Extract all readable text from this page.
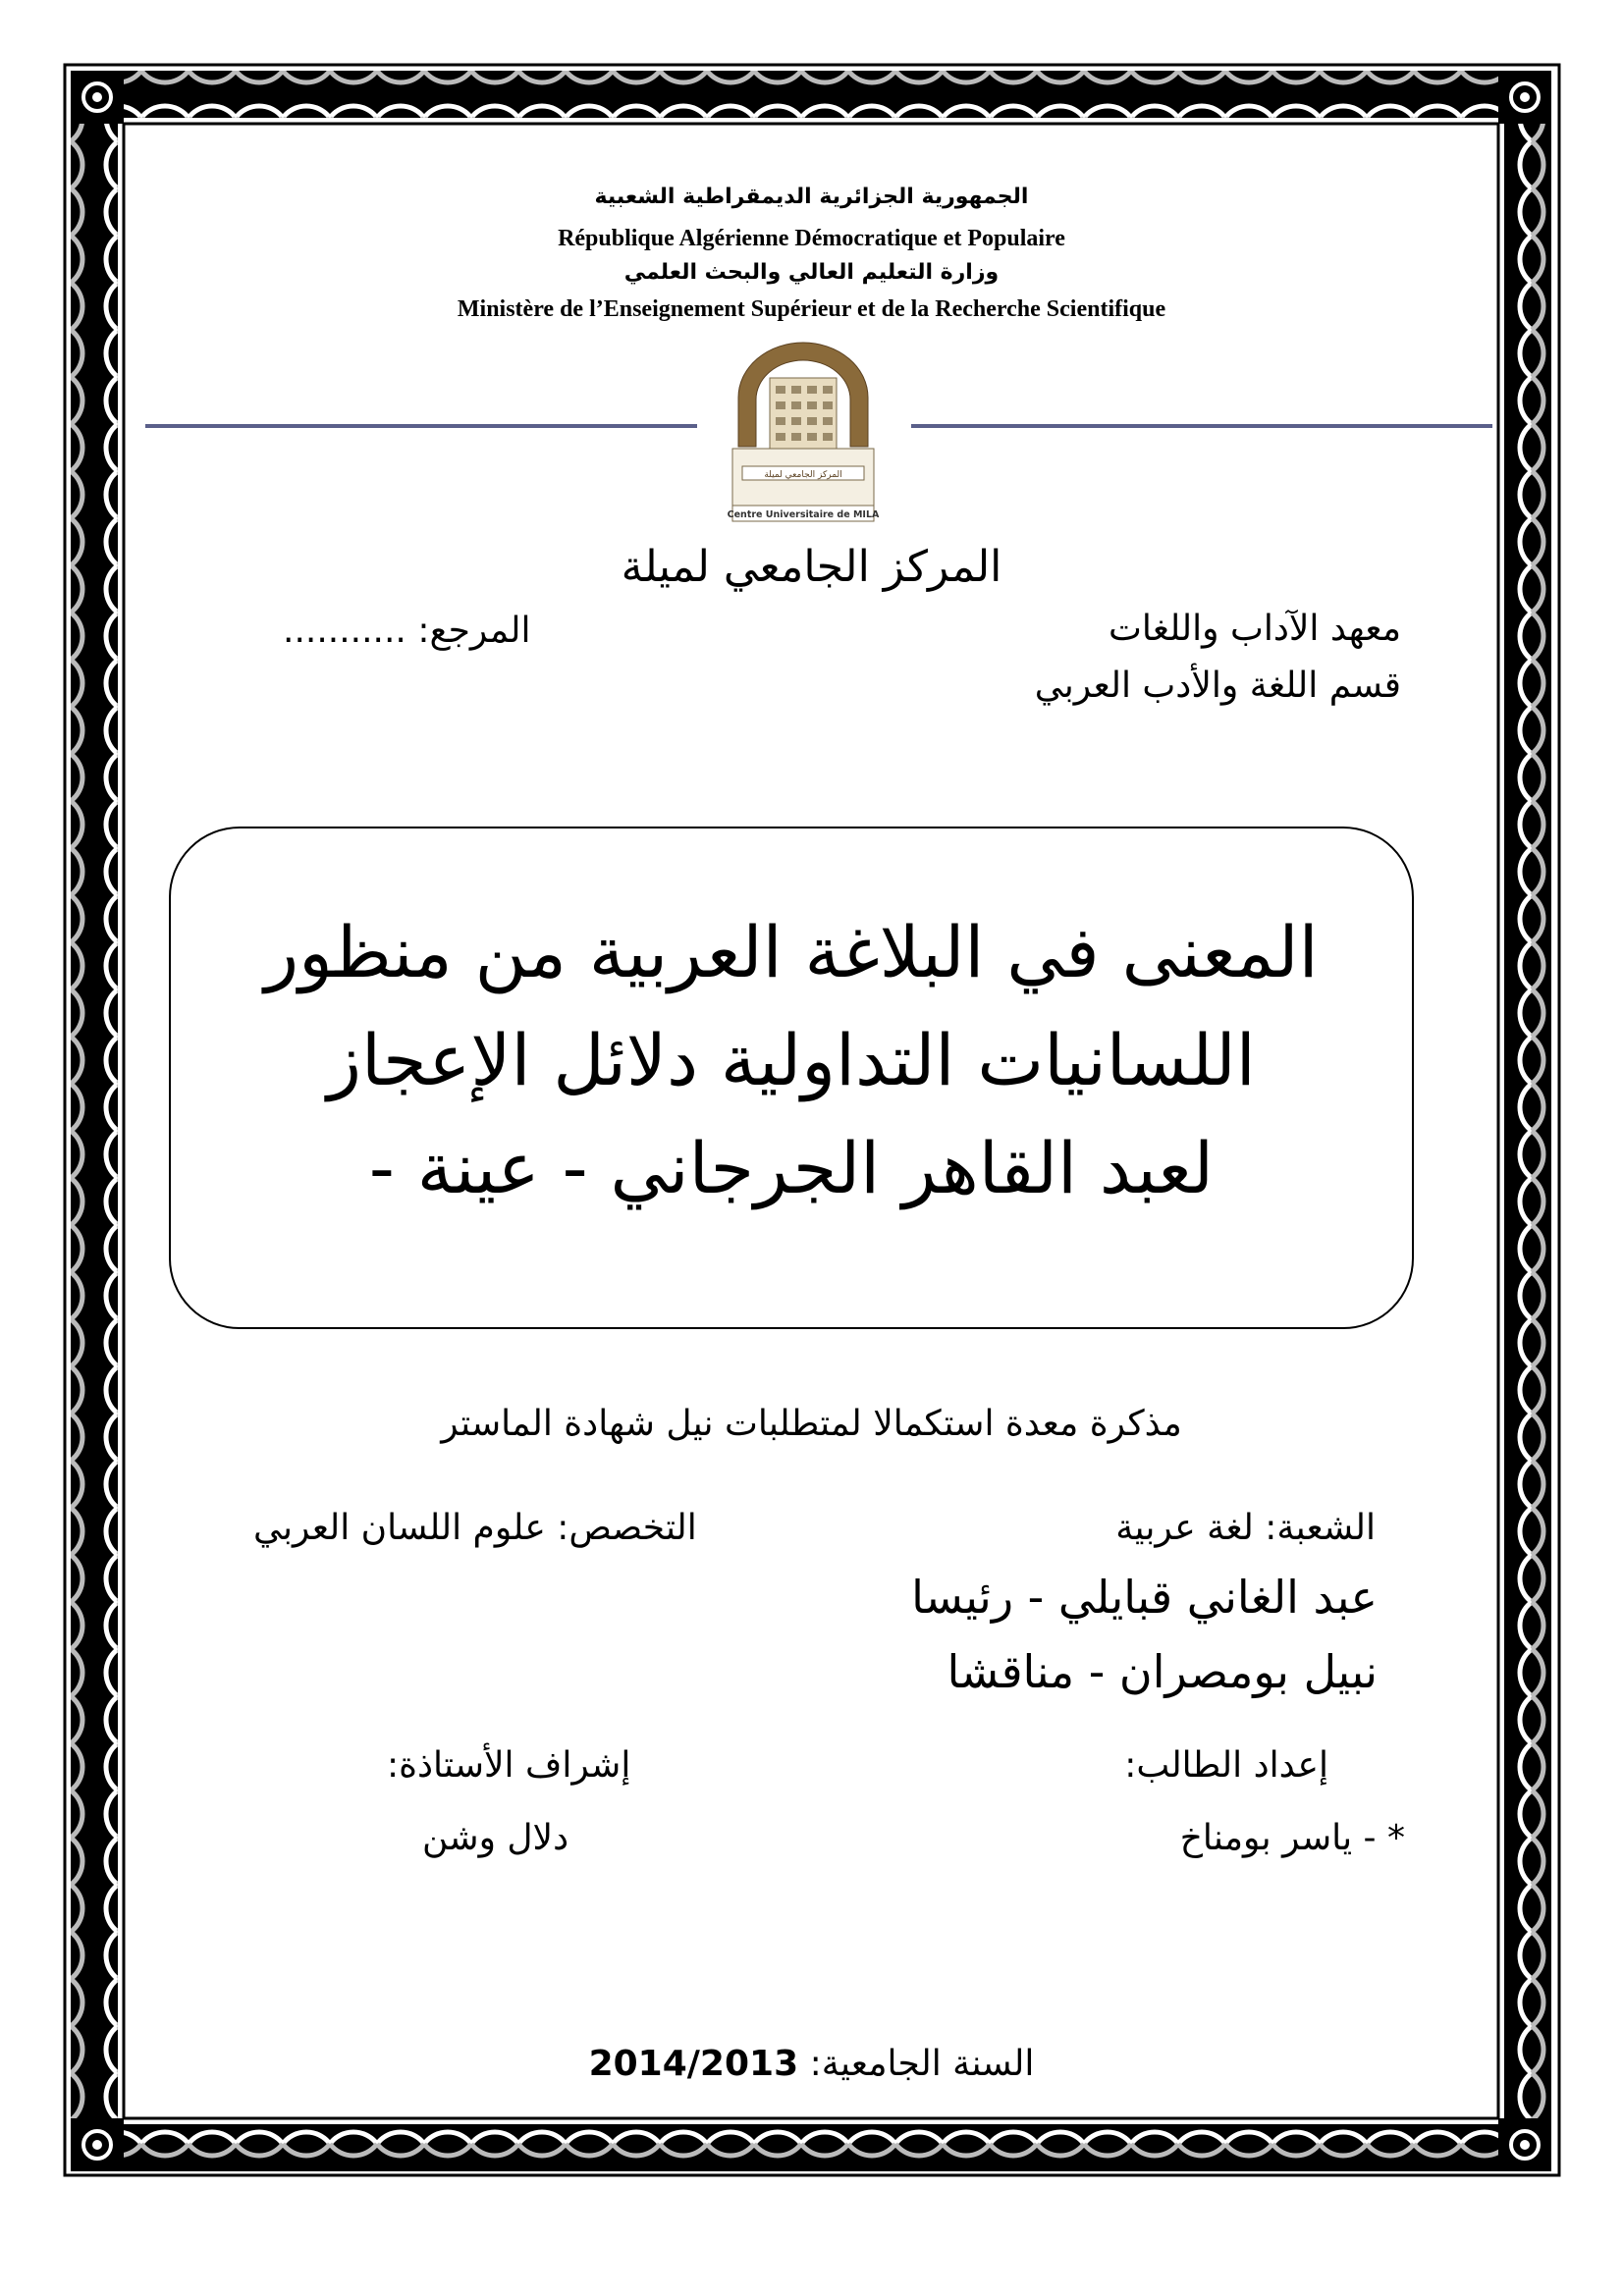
الجمهورية الجزائرية الديمقراطية الشعبية
République Algérienne Démocratique et Populaire
وزارة التعليم العالي والبحث العلمي
Ministère de l’Enseignement Supérieur et de la Recherche Scientifique
المركز الجامعي لميلة
Centre Universitaire de MILA
المركز الجامعي لميلة
معهد الآداب واللغات
قسم اللغة والأدب العربي
المرجع: ...........
المعنى في البلاغة العربية من منظور
اللسانيات التداولية دلائل الإعجاز
لعبد القاهر الجرجاني - عينة -
مذكرة معدة استكمالا لمتطلبات نيل شهادة الماستر
الشعبة: لغة عربية
التخصص: علوم اللسان العربي
عبد الغاني قبايلي - رئيسا
نبيل بومصران - مناقشا
إعداد الطالب:
إشراف الأستاذة:
* - ياسر بومناخ
دلال وشن
السنة الجامعية: 2014/2013
